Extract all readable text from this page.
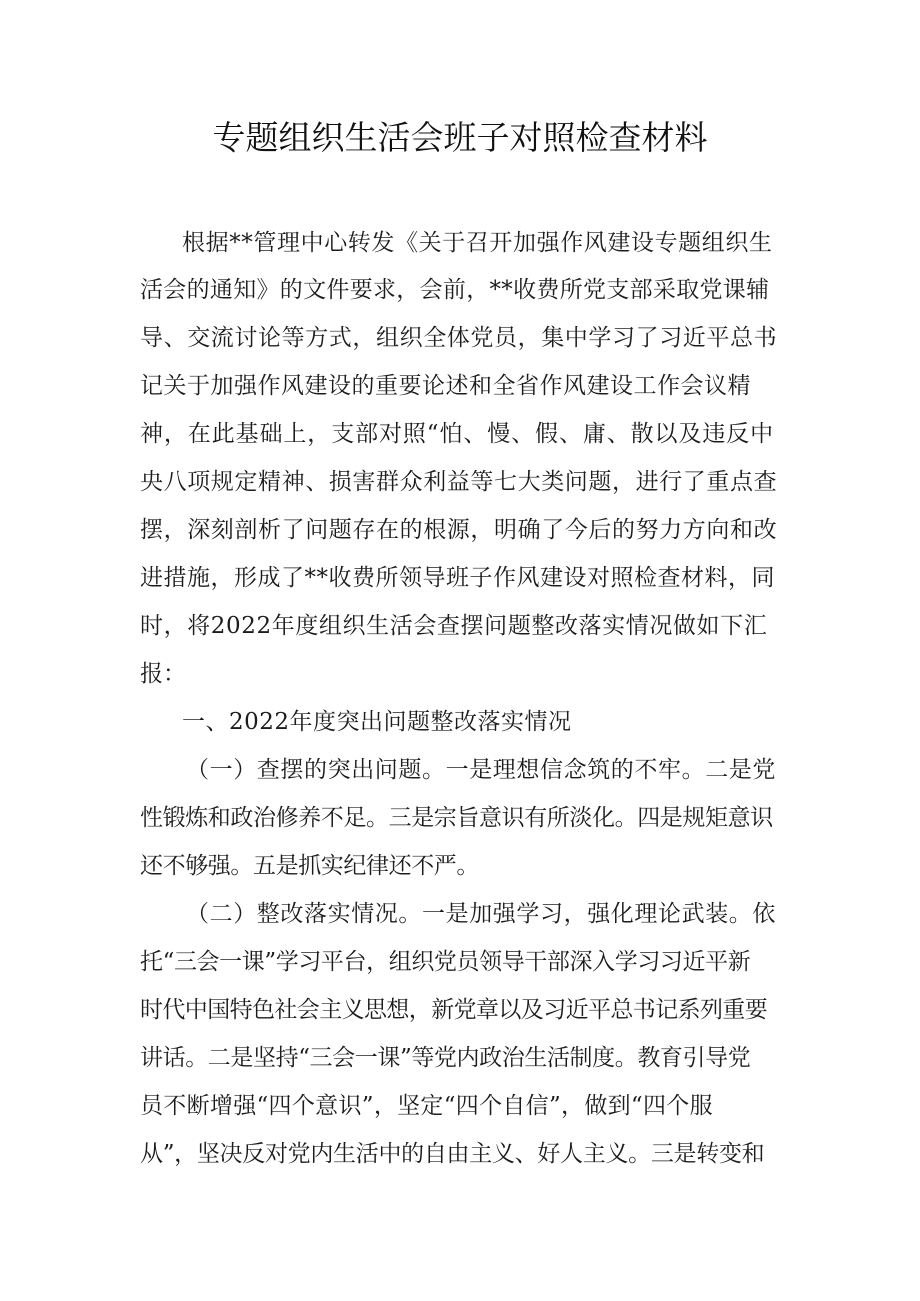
专题组织生活会班子对照检查材料

根据**管理中心转发《关于召开加强作风建设专题组织生

活会的通知》的文件要求，会前，**收费所党支部采取党课辅

导、交流讨论等方式，组织全体党员，集中学习了习近平总书

记关于加强作风建设的重要论述和全省作风建设工作会议精

神，在此基础上，支部对照“怕、慢、假、庸、散以及违反中

央八项规定精神、损害群众利益等七大类问题，进行了重点查

摆，深刻剖析了问题存在的根源，明确了今后的努力方向和改

进措施，形成了**收费所领导班子作风建设对照检查材料，同

时，将2022年度组织生活会查摆问题整改落实情况做如下汇

报：

一、2022年度突出问题整改落实情况

（一）查摆的突出问题。一是理想信念筑的不牢。二是党

性锻炼和政治修养不足。三是宗旨意识有所淡化。四是规矩意识

还不够强。五是抓实纪律还不严。

（二）整改落实情况。一是加强学习，强化理论武装。依

托“三会一课”学习平台，组织党员领导干部深入学习习近平新

时代中国特色社会主义思想，新党章以及习近平总书记系列重要

讲话。二是坚持“三会一课”等党内政治生活制度。教育引导党

员不断增强“四个意识”，坚定“四个自信”，做到“四个服

从”，坚决反对党内生活中的自由主义、好人主义。三是转变和
